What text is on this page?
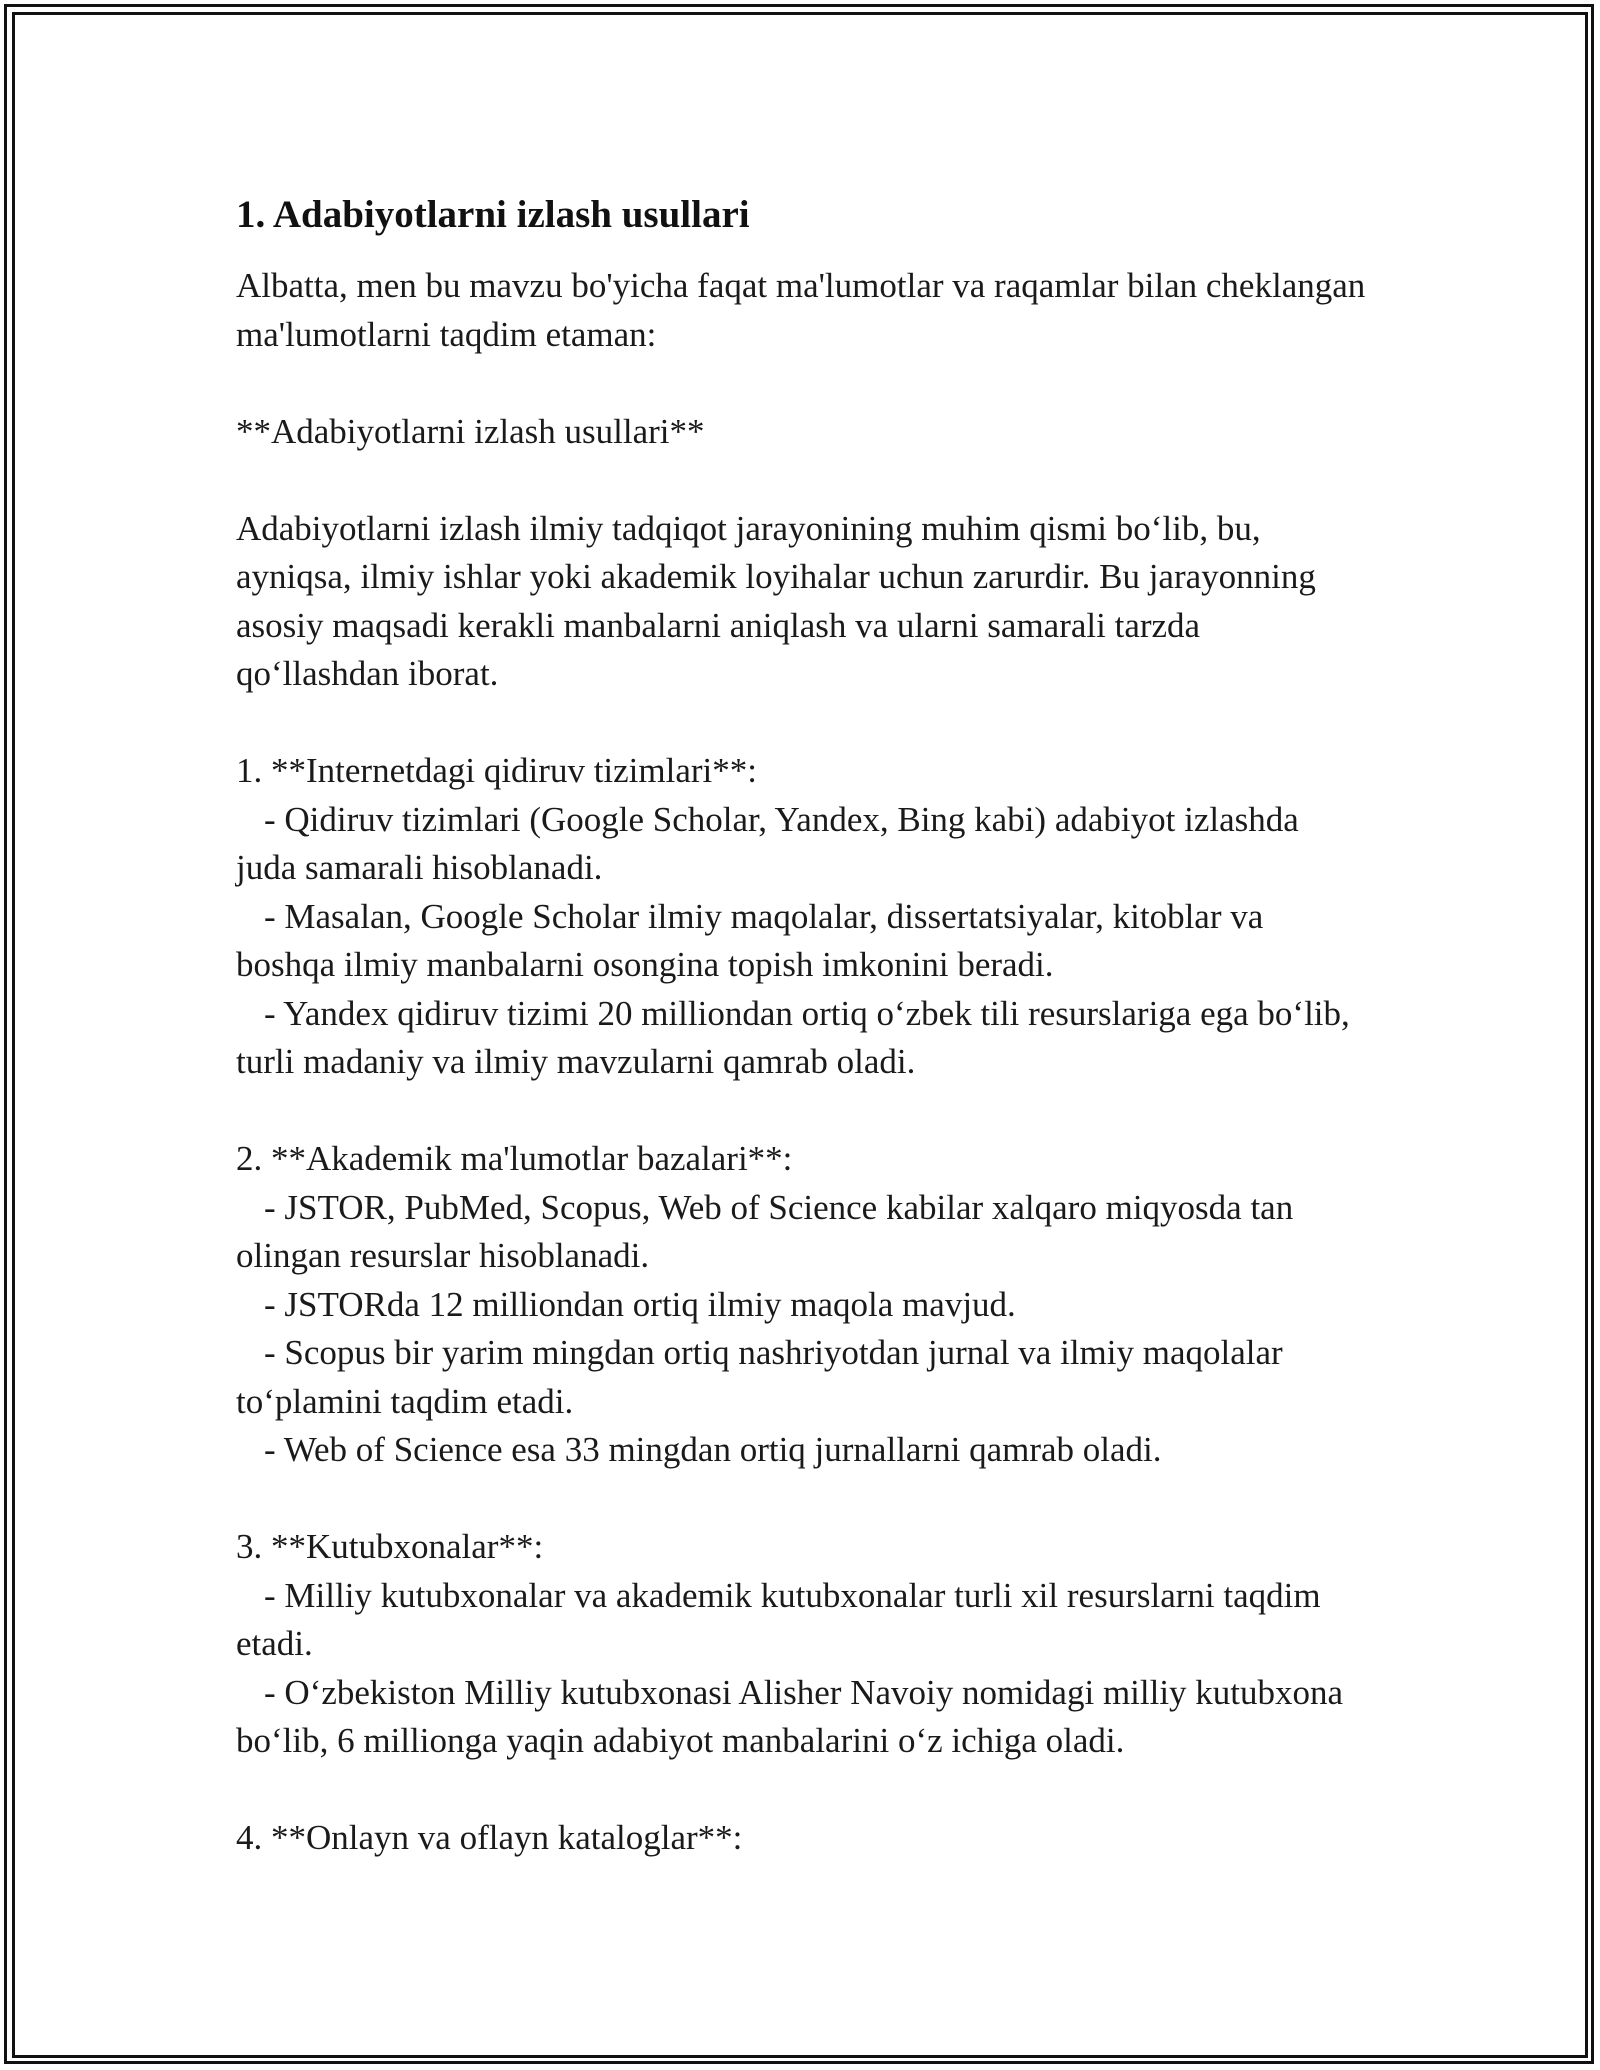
1. Adabiyotlarni izlash usullari

Albatta, men bu mavzu bo'yicha faqat ma'lumotlar va raqamlar bilan cheklangan ma'lumotlarni taqdim etaman:

**Adabiyotlarni izlash usullari**

Adabiyotlarni izlash ilmiy tadqiqot jarayonining muhim qismi bo‘lib, bu, ayniqsa, ilmiy ishlar yoki akademik loyihalar uchun zarurdir. Bu jarayonning asosiy maqsadi kerakli manbalarni aniqlash va ularni samarali tarzda qo‘llashdan iborat.

1. **Internetdagi qidiruv tizimlari**:

- Qidiruv tizimlari (Google Scholar, Yandex, Bing kabi) adabiyot izlashda juda samarali hisoblanadi.

- Masalan, Google Scholar ilmiy maqolalar, dissertatsiyalar, kitoblar va boshqa ilmiy manbalarni osongina topish imkonini beradi.

- Yandex qidiruv tizimi 20 milliondan ortiq o‘zbek tili resurslariga ega bo‘lib, turli madaniy va ilmiy mavzularni qamrab oladi.

2. **Akademik ma'lumotlar bazalari**:

- JSTOR, PubMed, Scopus, Web of Science kabilar xalqaro miqyosda tan olingan resurslar hisoblanadi.

- JSTORda 12 milliondan ortiq ilmiy maqola mavjud.

- Scopus bir yarim mingdan ortiq nashriyotdan jurnal va ilmiy maqolalar to‘plamini taqdim etadi.

- Web of Science esa 33 mingdan ortiq jurnallarni qamrab oladi.

3. **Kutubxonalar**:

- Milliy kutubxonalar va akademik kutubxonalar turli xil resurslarni taqdim etadi.

- O‘zbekiston Milliy kutubxonasi Alisher Navoiy nomidagi milliy kutubxona bo‘lib, 6 millionga yaqin adabiyot manbalarini o‘z ichiga oladi.

4. **Onlayn va oflayn kataloglar**:
